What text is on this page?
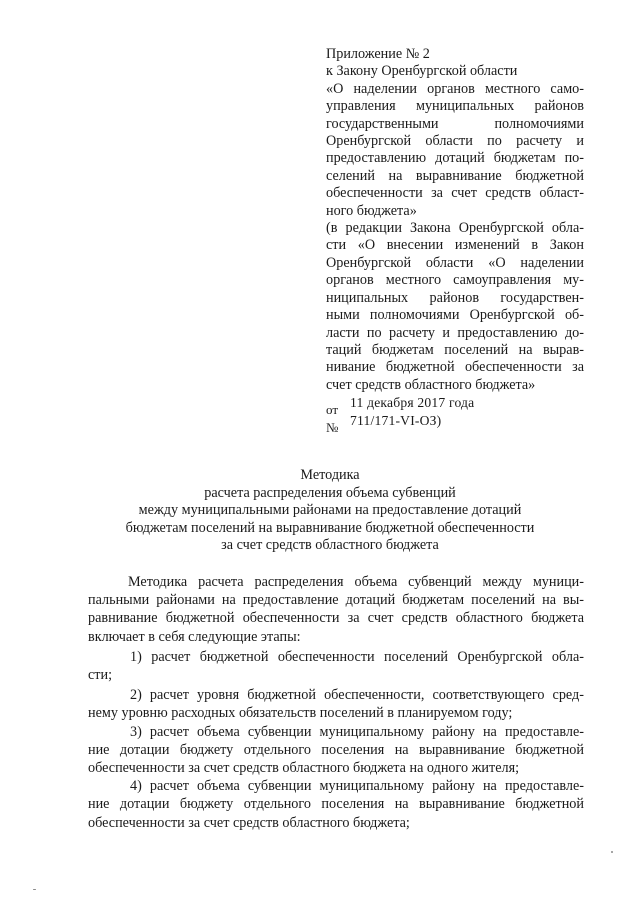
Приложение № 2
к Закону Оренбургской области
«О наделении органов местного само-
управления муниципальных районов
государственными полномочиями
Оренбургской области по расчету и
предоставлению дотаций бюджетам по-
селений на выравнивание бюджетной
обеспеченности за счет средств област-
ного бюджета»
(в редакции Закона Оренбургской обла-
сти «О внесении изменений в Закон
Оренбургской области «О наделении
органов местного самоуправления му-
ниципальных районов государствен-
ными полномочиями Оренбургской об-
ласти по расчету и предоставлению до-
таций бюджетам поселений на вырав-
нивание бюджетной обеспеченности за
счет средств областного бюджета»
от 11 декабря 2017 года
№ 711/171-VI-ОЗ)
Методика
расчета распределения объема субвенций
между муниципальными районами на предоставление дотаций
бюджетам поселений на выравнивание бюджетной обеспеченности
за счет средств областного бюджета
Методика расчета распределения объема субвенций между муници-
пальными районами на предоставление дотаций бюджетам поселений на вы-
равнивание бюджетной обеспеченности за счет средств областного бюджета
включает в себя следующие этапы:
1) расчет бюджетной обеспеченности поселений Оренбургской обла-
сти;
2) расчет уровня бюджетной обеспеченности, соответствующего сред-
нему уровню расходных обязательств поселений в планируемом году;
3) расчет объема субвенции муниципальному району на предоставле-
ние дотации бюджету отдельного поселения на выравнивание бюджетной
обеспеченности за счет средств областного бюджета на одного жителя;
4) расчет объема субвенции муниципальному району на предоставле-
ние дотации бюджету отдельного поселения на выравнивание бюджетной
обеспеченности за счет средств областного бюджета;
